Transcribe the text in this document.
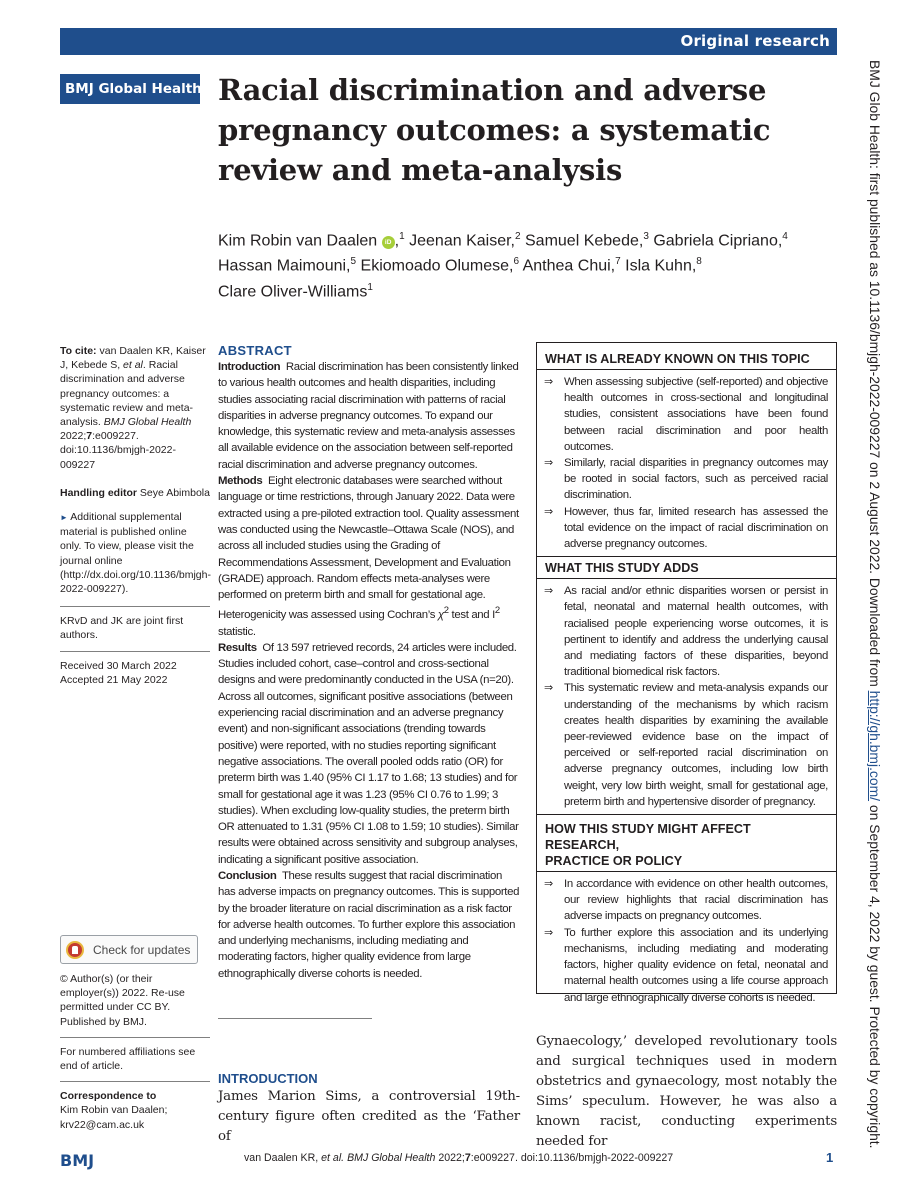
Original research
BMJ Global Health Racial discrimination and adverse
pregnancy outcomes: a systematic
review and meta-analysis
Kim Robin van Daalen iD ,$^1$ Jeenan Kaiser,$^2$ Samuel Kebede,$^3$ Gabriela Cipriano,$^4$
Hassan Maimouni,$^5$ Ekiomoado Olumese,$^6$ Anthea Chui,$^7$ Isla Kuhn,$^8$
Clare Oliver-Williams$^1$	BMJ Glob Health: first published as 10.1136/bmjgh-2022-009227 on 2 August 2022. Downloaded from http://gh.bmj.com/ on September 4, 2022 by guest. Protected by copyright.
To cite: van Daalen KR, Kaiser J, Kebede S, et al. Racial discrimination and adverse pregnancy outcomes: a systematic review and meta-analysis. BMJ Global Health 2022;7:e009227. doi:10.1136/bmjgh-2022-009227
Handling editor Seye Abimbola
► Additional supplemental material is published online only. To view, please visit the journal online (http://dx.doi.org/10.1136/bmjgh-2022-009227).
KRvD and JK are joint first authors.
Received 30 March 2022
Accepted 21 May 2022
Check for updates
© Author(s) (or their employer(s)) 2022. Re-use permitted under CC BY. Published by BMJ.
For numbered affiliations see end of article.
Correspondence to
Kim Robin van Daalen;
krv22@cam.ac.uk
ABSTRACT

Introduction Racial discrimination has been consistently linked to various health outcomes and health disparities, including studies associating racial discrimination with patterns of racial disparities in adverse pregnancy outcomes. To expand our knowledge, this systematic review and meta-analysis assesses all available evidence on the association between self-reported racial discrimination and adverse pregnancy outcomes.

Methods Eight electronic databases were searched without language or time restrictions, through January 2022. Data were extracted using a pre-piloted extraction tool. Quality assessment was conducted using the Newcastle–Ottawa Scale (NOS), and across all included studies using the Grading of Recommendations Assessment, Development and Evaluation (GRADE) approach. Random effects meta-analyses were performed on preterm birth and small for gestational age. Heterogenicity was assessed using Cochran’s $\chi^2$ test and $I^2$ statistic.

Results Of 13 597 retrieved records, 24 articles were included. Studies included cohort, case–control and cross-sectional designs and were predominantly conducted in the USA (n=20). Across all outcomes, significant positive associations (between experiencing racial discrimination and an adverse pregnancy event) and non-significant associations (trending towards positive) were reported, with no studies reporting significant negative associations. The overall pooled odds ratio (OR) for preterm birth was 1.40 (95% CI 1.17 to 1.68; 13 studies) and for small for gestational age it was 1.23 (95% CI 0.76 to 1.99; 3 studies). When excluding low-quality studies, the preterm birth OR attenuated to 1.31 (95% CI 1.08 to 1.59; 10 studies). Similar results were obtained across sensitivity and subgroup analyses, indicating a significant positive association.

Conclusion These results suggest that racial discrimination has adverse impacts on pregnancy outcomes. This is supported by the broader literature on racial discrimination as a risk factor for adverse health outcomes. To further explore this association and underlying mechanisms, including mediating and moderating factors, higher quality evidence from large ethnographically diverse cohorts is needed.

WHAT IS ALREADY KNOWN ON THIS TOPIC
⇒ When assessing subjective (self-reported) and objective health outcomes in cross-sectional and longitudinal studies, consistent associations have been found between racial discrimination and poor health outcomes.
⇒ Similarly, racial disparities in pregnancy outcomes may be rooted in social factors, such as perceived racial discrimination.
⇒ However, thus far, limited research has assessed the total evidence on the impact of racial discrimination on adverse pregnancy outcomes.
WHAT THIS STUDY ADDS
⇒ As racial and/or ethnic disparities worsen or persist in fetal, neonatal and maternal health outcomes, with racialised people experiencing worse outcomes, it is pertinent to identify and address the underlying causal and mediating factors of these disparities, beyond traditional biomedical risk factors.
⇒ This systematic review and meta-analysis expands our understanding of the mechanisms by which racism creates health disparities by examining the available peer-reviewed evidence base on the impact of perceived or self-reported racial discrimination on adverse pregnancy outcomes, including low birth weight, very low birth weight, small for gestational age, preterm birth and hypertensive disorder of pregnancy.
HOW THIS STUDY MIGHT AFFECT RESEARCH,
PRACTICE OR POLICY
⇒ In accordance with evidence on other health outcomes, our review highlights that racial discrimination has adverse impacts on pregnancy outcomes.
⇒ To further explore this association and its underlying mechanisms, including mediating and moderating factors, higher quality evidence on fetal, neonatal and maternal health outcomes using a life course approach and large ethnographically diverse cohorts is needed.
INTRODUCTION
James Marion Sims, a controversial 19th-century figure often credited as the ‘Father of
Gynaecology,’ developed revolutionary tools and surgical techniques used in modern obstetrics and gynaecology, most notably the Sims’ speculum. However, he was also a known racist, conducting experiments needed for
BMJ	van Daalen KR, et al. BMJ Global Health 2022;7:e009227. doi:10.1136/bmjgh-2022-009227	1
